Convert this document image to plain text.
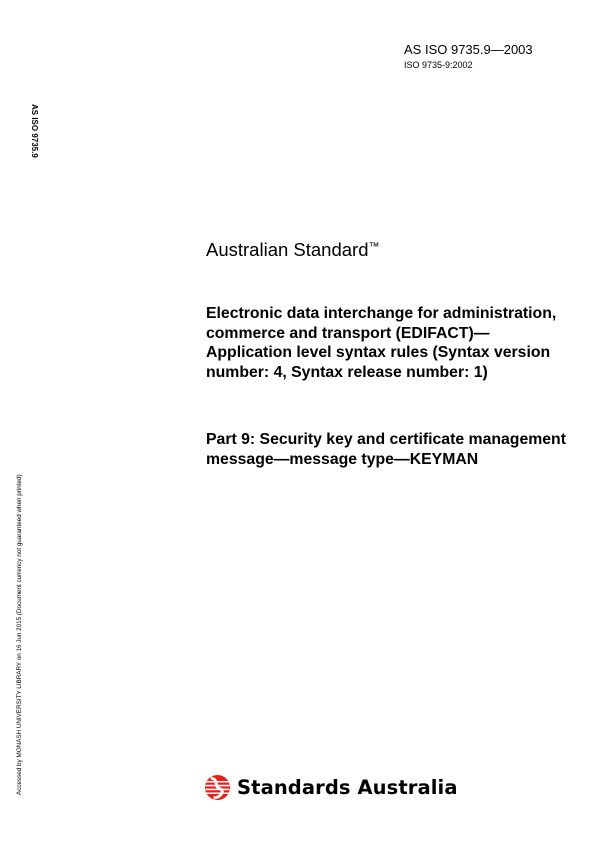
AS ISO 9735.9—2003
ISO 9735-9:2002
AS ISO 9735.9
Accessed by MONASH UNIVERSITY LIBRARY on 16 Jun 2015 (Document currency not guaranteed when printed)
Australian Standard™
Electronic data interchange for administration, commerce and transport (EDIFACT)—Application level syntax rules (Syntax version number: 4, Syntax release number: 1)
Part 9: Security key and certificate management message—message type—KEYMAN
Standards Australia
